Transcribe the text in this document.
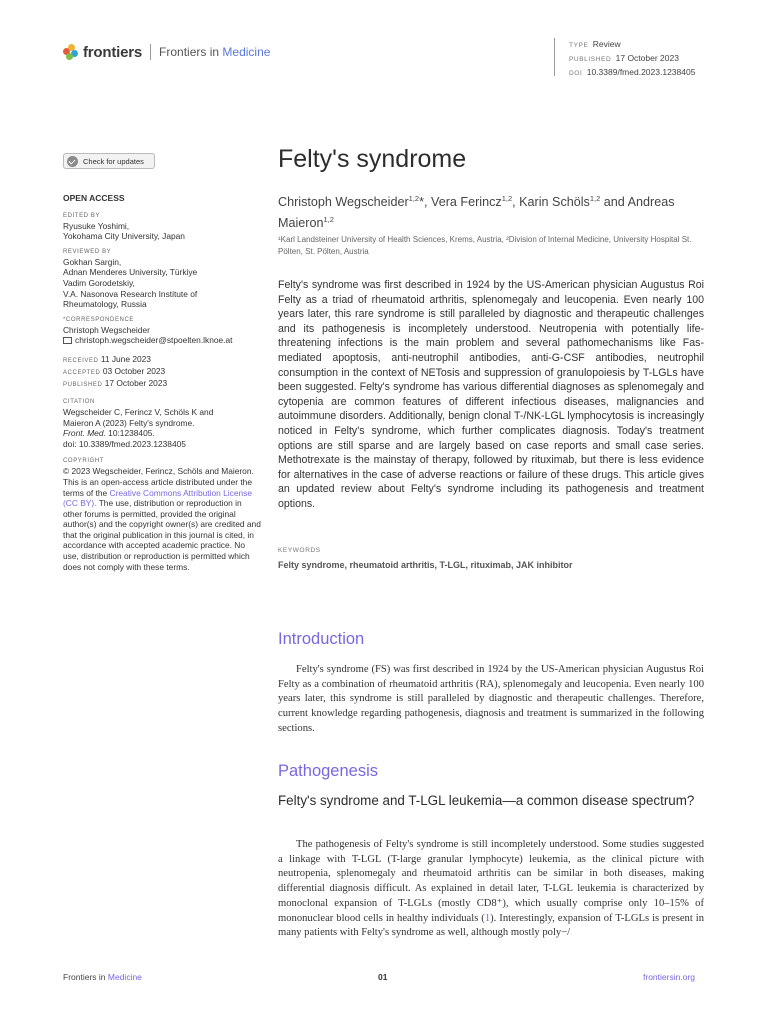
frontiers Frontiers in Medicine	TYPE Review
PUBLISHED 17 October 2023
DOI 10.3389/fmed.2023.1238405
Check for updates
OPEN ACCESS
EDITED BY
Ryusuke Yoshimi,
Yokohama City University, Japan
REVIEWED BY
Gokhan Sargin,
Adnan Menderes University, Türkiye
Vadim Gorodetskiy,
V.A. Nasonova Research Institute of
Rheumatology, Russia
*CORRESPONDENCE
Christoph Wegscheider
christoph.wegscheider@stpoelten.lknoe.at
RECEIVED 11 June 2023
ACCEPTED 03 October 2023
PUBLISHED 17 October 2023
CITATION
Wegscheider C, Ferincz V, Schöls K and
Maieron A (2023) Felty's syndrome.
Front. Med. 10:1238405.
doi: 10.3389/fmed.2023.1238405
COPYRIGHT
© 2023 Wegscheider, Ferincz, Schöls and Maieron. This is an open-access article distributed under the terms of the Creative Commons Attribution License (CC BY). The use, distribution or reproduction in other forums is permitted, provided the original author(s) and the copyright owner(s) are credited and that the original publication in this journal is cited, in accordance with accepted academic practice. No use, distribution or reproduction is permitted which does not comply with these terms.
Felty's syndrome
Christoph Wegscheider$^{1,2}$*, Vera Ferincz$^{1,2}$, Karin Schöls$^{1,2}$ and Andreas Maieron$^{1,2}$
¹Karl Landsteiner University of Health Sciences, Krems, Austria, ²Division of Internal Medicine, University Hospital St. Pölten, St. Pölten, Austria
Felty's syndrome was first described in 1924 by the US-American physician Augustus Roi Felty as a triad of rheumatoid arthritis, splenomegaly and leucopenia. Even nearly 100 years later, this rare syndrome is still paralleled by diagnostic and therapeutic challenges and its pathogenesis is incompletely understood. Neutropenia with potentially life-threatening infections is the main problem and several pathomechanisms like Fas-mediated apoptosis, anti-neutrophil antibodies, anti-G-CSF antibodies, neutrophil consumption in the context of NETosis and suppression of granulopoiesis by T-LGLs have been suggested. Felty's syndrome has various differential diagnoses as splenomegaly and cytopenia are common features of different infectious diseases, malignancies and autoimmune disorders. Additionally, benign clonal T-/NK-LGL lymphocytosis is increasingly noticed in Felty's syndrome, which further complicates diagnosis. Today's treatment options are still sparse and are largely based on case reports and small case series. Methotrexate is the mainstay of therapy, followed by rituximab, but there is less evidence for alternatives in the case of adverse reactions or failure of these drugs. This article gives an updated review about Felty's syndrome including its pathogenesis and treatment options.
KEYWORDS
Felty syndrome, rheumatoid arthritis, T-LGL, rituximab, JAK inhibitor
Introduction
Felty's syndrome (FS) was first described in 1924 by the US-American physician Augustus Roi Felty as a combination of rheumatoid arthritis (RA), splenomegaly and leucopenia. Even nearly 100 years later, this syndrome is still paralleled by diagnostic and therapeutic challenges. Therefore, current knowledge regarding pathogenesis, diagnosis and treatment is summarized in the following sections.
Pathogenesis
Felty's syndrome and T-LGL leukemia—a common disease spectrum?
The pathogenesis of Felty's syndrome is still incompletely understood. Some studies suggested a linkage with T-LGL (T-large granular lymphocyte) leukemia, as the clinical picture with neutropenia, splenomegaly and rheumatoid arthritis can be similar in both diseases, making differential diagnosis difficult. As explained in detail later, T-LGL leukemia is characterized by monoclonal expansion of T-LGLs (mostly CD8⁺), which usually comprise only 10–15% of mononuclear blood cells in healthy individuals (1). Interestingly, expansion of T-LGLs is present in many patients with Felty's syndrome as well, although mostly poly−/
Frontiers in Medicine	01	frontiersin.org
